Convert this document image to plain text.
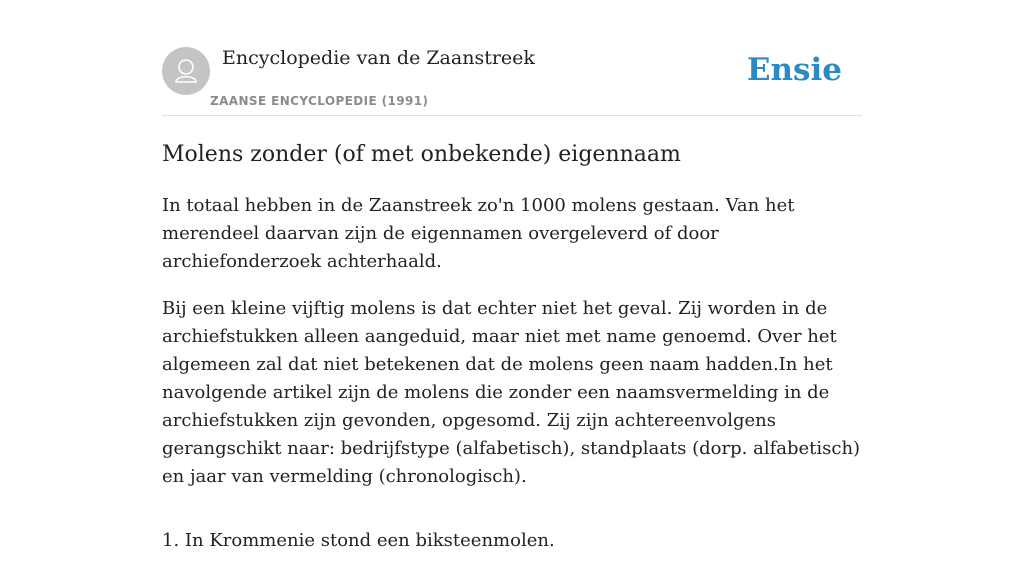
Encyclopedie van de Zaanstreek
ZAANSE ENCYCLOPEDIE (1991)
Ensie
Molens zonder (of met onbekende) eigennaam

In totaal hebben in de Zaanstreek zo'n 1000 molens gestaan. Van het merendeel daarvan zijn de eigennamen overgeleverd of door archiefonderzoek achterhaald.

Bij een kleine vijftig molens is dat echter niet het geval. Zij worden in de archiefstukken alleen aangeduid, maar niet met name genoemd. Over het algemeen zal dat niet betekenen dat de molens geen naam hadden.In het navolgende artikel zijn de molens die zonder een naamsvermelding in de archiefstukken zijn gevonden, opgesomd. Zij zijn achtereenvolgens gerangschikt naar: bedrijfstype (alfabetisch), standplaats (dorp. alfabetisch) en jaar van vermelding (chronologisch).

1. In Krommenie stond een biksteenmolen.
